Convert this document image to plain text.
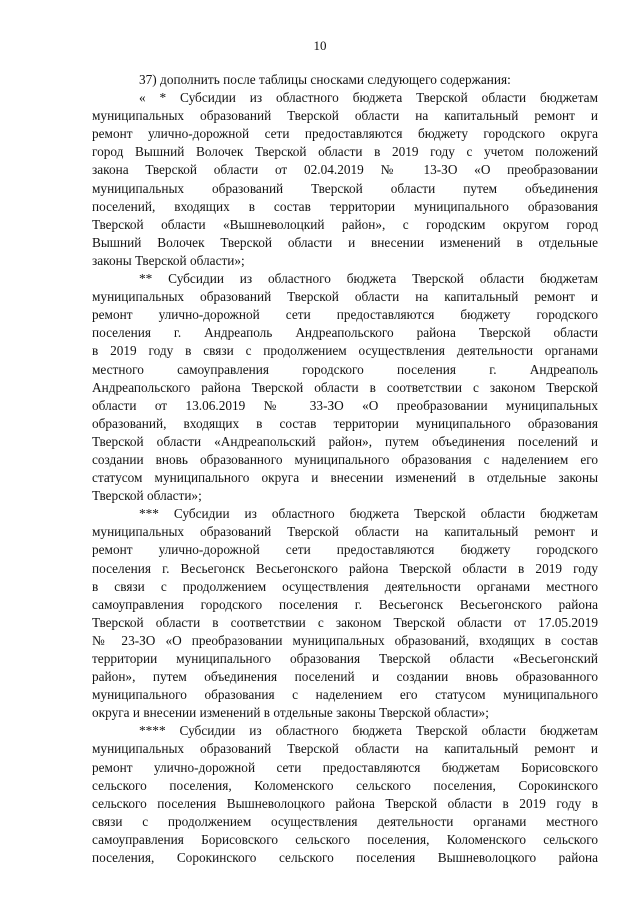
10
37) дополнить после таблицы сносками следующего содержания:
« * Субсидии из областного бюджета Тверской области бюджетам
муниципальных образований Тверской области на капитальный ремонт и
ремонт улично-дорожной сети предоставляются бюджету городского округа
город Вышний Волочек Тверской области в 2019 году с учетом положений
закона Тверской области от 02.04.2019 № 13-ЗО «О преобразовании
муниципальных образований Тверской области путем объединения
поселений, входящих в состав территории муниципального образования
Тверской области «Вышневолоцкий район», с городским округом город
Вышний Волочек Тверской области и внесении изменений в отдельные
законы Тверской области»;
** Субсидии из областного бюджета Тверской области бюджетам
муниципальных образований Тверской области на капитальный ремонт и
ремонт улично-дорожной сети предоставляются бюджету городского
поселения г. Андреаполь Андреапольского района Тверской области
в 2019 году в связи с продолжением осуществления деятельности органами
местного самоуправления городского поселения г. Андреаполь
Андреапольского района Тверской области в соответствии с законом Тверской
области от 13.06.2019 № 33-ЗО «О преобразовании муниципальных
образований, входящих в состав территории муниципального образования
Тверской области «Андреапольский район», путем объединения поселений и
создании вновь образованного муниципального образования с наделением его
статусом муниципального округа и внесении изменений в отдельные законы
Тверской области»;
*** Субсидии из областного бюджета Тверской области бюджетам
муниципальных образований Тверской области на капитальный ремонт и
ремонт улично-дорожной сети предоставляются бюджету городского
поселения г. Весьегонск Весьегонского района Тверской области в 2019 году
в связи с продолжением осуществления деятельности органами местного
самоуправления городского поселения г. Весьегонск Весьегонского района
Тверской области в соответствии с законом Тверской области от 17.05.2019
№ 23-ЗО «О преобразовании муниципальных образований, входящих в состав
территории муниципального образования Тверской области «Весьегонский
район», путем объединения поселений и создании вновь образованного
муниципального образования с наделением его статусом муниципального
округа и внесении изменений в отдельные законы Тверской области»;
**** Субсидии из областного бюджета Тверской области бюджетам
муниципальных образований Тверской области на капитальный ремонт и
ремонт улично-дорожной сети предоставляются бюджетам Борисовского
сельского поселения, Коломенского сельского поселения, Сорокинского
сельского поселения Вышневолоцкого района Тверской области в 2019 году в
связи с продолжением осуществления деятельности органами местного
самоуправления Борисовского сельского поселения, Коломенского сельского
поселения, Сорокинского сельского поселения Вышневолоцкого района
